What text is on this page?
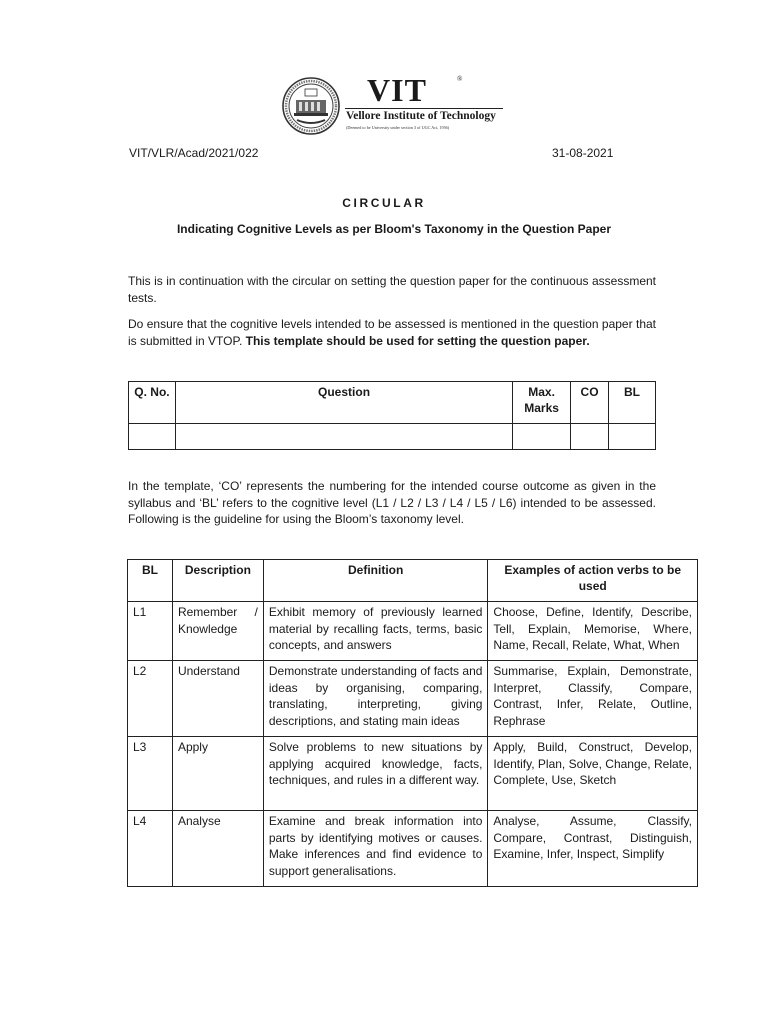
VIT	®
Vellore Institute of Technology
(Deemed to be University under section 3 of UGC Act, 1956)
VIT/VLR/Acad/2021/022	31-08-2021
CIRCULAR
Indicating Cognitive Levels as per Bloom's Taxonomy in the Question Paper
This is in continuation with the circular on setting the question paper for the continuous assessment tests.
Do ensure that the cognitive levels intended to be assessed is mentioned in the question paper that is submitted in VTOP. This template should be used for setting the question paper.
Q. No.	Question	Max. Marks	CO	BL

In the template, ‘CO’ represents the numbering for the intended course outcome as given in the syllabus and ‘BL’ refers to the cognitive level (L1 / L2 / L3 / L4 / L5 / L6) intended to be assessed. Following is the guideline for using the Bloom’s taxonomy level.
BL	Description	Definition	Examples of action verbs to be used
L1	Remember / Knowledge	Exhibit memory of previously learned material by recalling facts, terms, basic concepts, and answers	Choose, Define, Identify, Describe, Tell, Explain, Memorise, Where, Name, Recall, Relate, What, When
L2	Understand	Demonstrate understanding of facts and ideas by organising, comparing, translating, interpreting, giving descriptions, and stating main ideas	Summarise, Explain, Demonstrate, Interpret, Classify, Compare, Contrast, Infer, Relate, Outline, Rephrase
L3	Apply	Solve problems to new situations by applying acquired knowledge, facts, techniques, and rules in a different way.	Apply, Build, Construct, Develop, Identify, Plan, Solve, Change, Relate, Complete, Use, Sketch
L4	Analyse	Examine and break information into parts by identifying motives or causes. Make inferences and find evidence to support generalisations.	Analyse, Assume, Classify, Compare, Contrast, Distinguish, Examine, Infer, Inspect, Simplify
